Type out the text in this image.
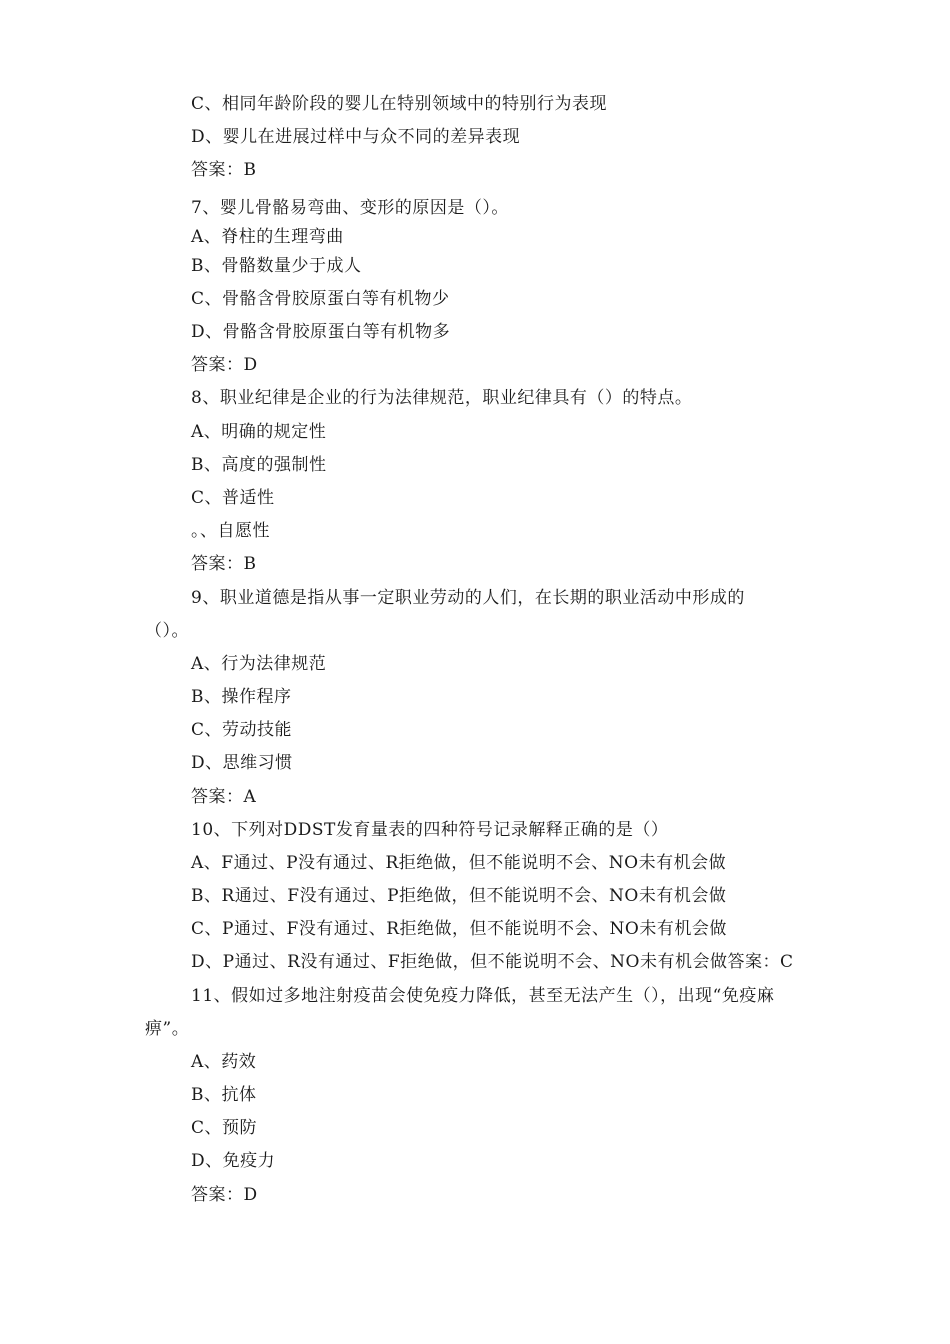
C、相同年龄阶段的婴儿在特别领域中的特别行为表现
D、婴儿在进展过样中与众不同的差异表现
答案：B
7、婴儿骨骼易弯曲、变形的原因是（）。
A、脊柱的生理弯曲
B、骨骼数量少于成人
C、骨骼含骨胶原蛋白等有机物少
D、骨骼含骨胶原蛋白等有机物多
答案：D
8、职业纪律是企业的行为法律规范，职业纪律具有（）的特点。
A、明确的规定性
B、高度的强制性
C、普适性
。、自愿性
答案：B
9、职业道德是指从事一定职业劳动的人们，在长期的职业活动中形成的
（）。
A、行为法律规范
B、操作程序
C、劳动技能
D、思维习惯
答案：A
10、下列对DDST发育量表的四种符号记录解释正确的是（）
A、F通过、P没有通过、R拒绝做，但不能说明不会、NO未有机会做
B、R通过、F没有通过、P拒绝做，但不能说明不会、NO未有机会做
C、P通过、F没有通过、R拒绝做，但不能说明不会、NO未有机会做
D、P通过、R没有通过、F拒绝做，但不能说明不会、NO未有机会做答案：C
11、假如过多地注射疫苗会使免疫力降低，甚至无法产生（），出现“免疫麻
痹”。
A、药效
B、抗体
C、预防
D、免疫力
答案：D
